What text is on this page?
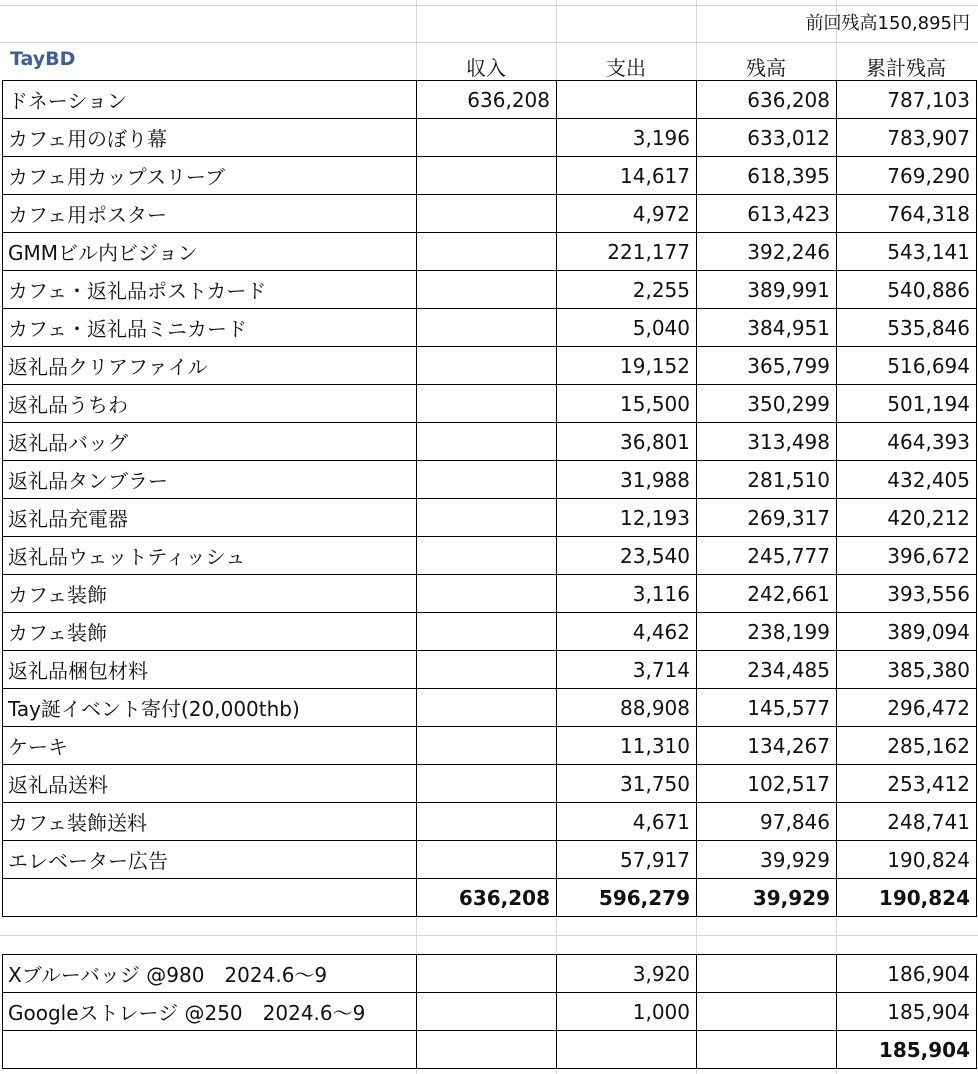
前回残高150,895円
TayBD	収入	支出	残高	累計残高
ドネーション	636,208		636,208	787,103
カフェ用のぼり幕		3,196	633,012	783,907
カフェ用カップスリーブ		14,617	618,395	769,290
カフェ用ポスター		4,972	613,423	764,318
GMMビル内ビジョン		221,177	392,246	543,141
カフェ・返礼品ポストカード		2,255	389,991	540,886
カフェ・返礼品ミニカード		5,040	384,951	535,846
返礼品クリアファイル		19,152	365,799	516,694
返礼品うちわ		15,500	350,299	501,194
返礼品バッグ		36,801	313,498	464,393
返礼品タンブラー		31,988	281,510	432,405
返礼品充電器		12,193	269,317	420,212
返礼品ウェットティッシュ		23,540	245,777	396,672
カフェ装飾		3,116	242,661	393,556
カフェ装飾		4,462	238,199	389,094
返礼品梱包材料		3,714	234,485	385,380
Tay誕イベント寄付(20,000thb)		88,908	145,577	296,472
ケーキ		11,310	134,267	285,162
返礼品送料		31,750	102,517	253,412
カフェ装飾送料		4,671	97,846	248,741
エレベーター広告		57,917	39,929	190,824
	636,208	596,279	39,929	190,824
Xブルーバッジ @980　2024.6〜9		3,920		186,904
Googleストレージ @250　2024.6〜9		1,000		185,904
				185,904
